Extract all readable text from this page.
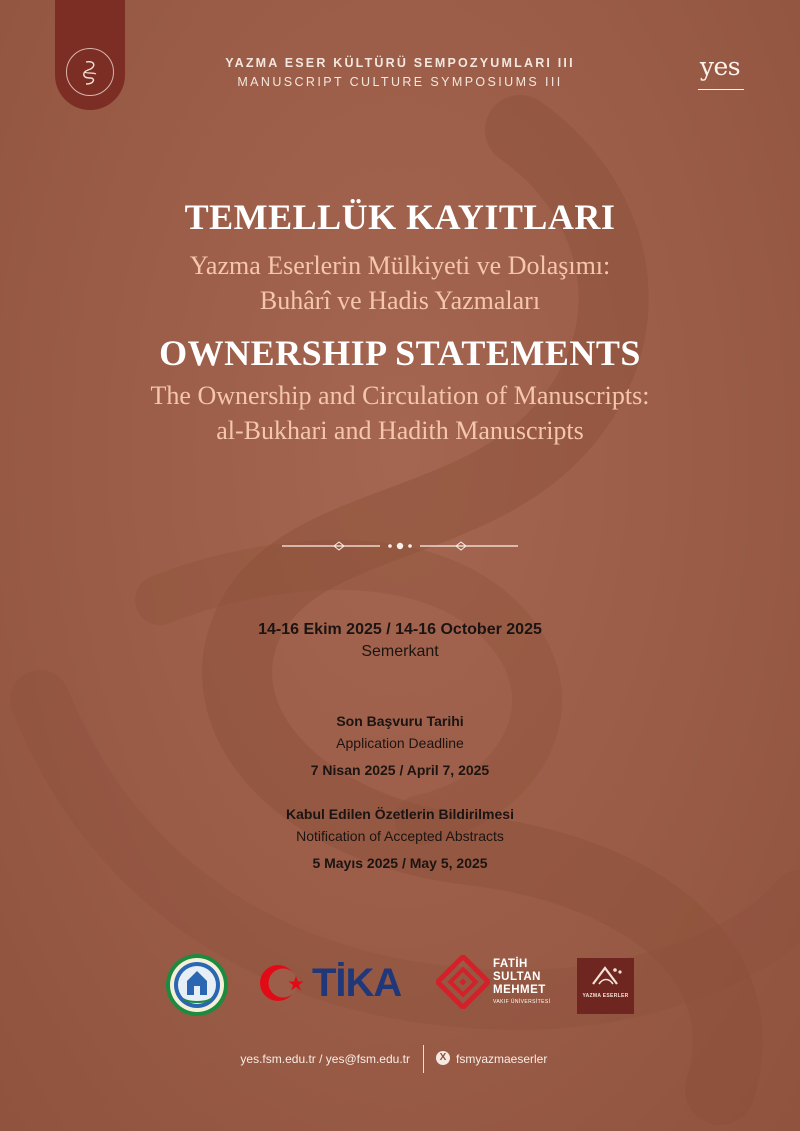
YAZMA ESER KÜLTÜRÜ SEMPOZYUMLARI III
MANUSCRIPT CULTURE SYMPOSIUMS III
yes
TEMELLÜK KAYITLARI
Yazma Eserlerin Mülkiyeti ve Dolaşımı:
Buhârî ve Hadis Yazmaları
OWNERSHIP STATEMENTS
The Ownership and Circulation of Manuscripts:
al-Bukhari and Hadith Manuscripts
14-16 Ekim 2025 / 14-16 October 2025
Semerkant
Son Başvuru Tarihi
Application Deadline
7 Nisan 2025 / April 7, 2025
Kabul Edilen Özetlerin Bildirilmesi
Notification of Accepted Abstracts
5 Mayıs 2025 / May 5, 2025
TİKA	FATİH
SULTAN
MEHMET
VAKIF ÜNİVERSİTESİ
YAZMA ESERLER
yes.fsm.edu.tr / yes@fsm.edu.tr	X fsmyazmaeserler
